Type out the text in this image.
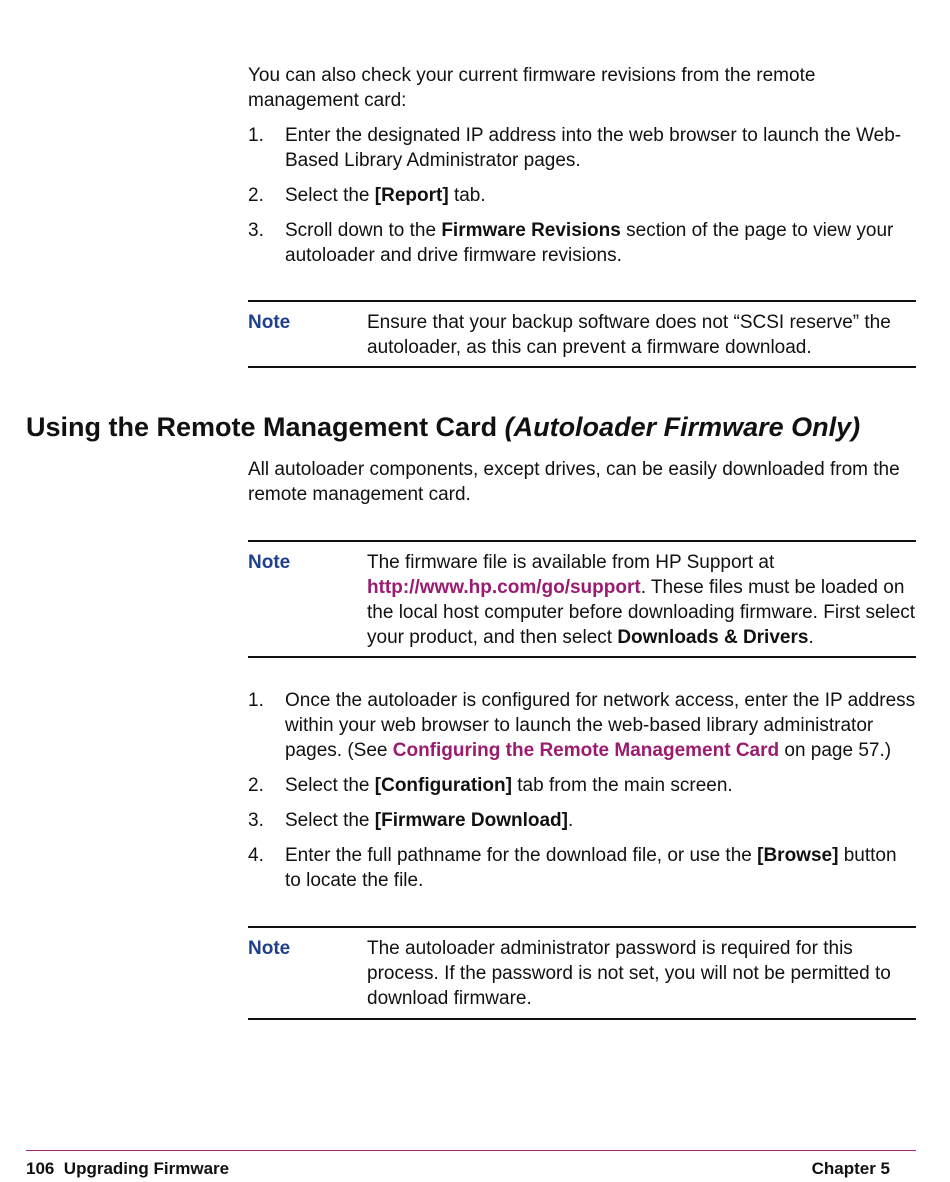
You can also check your current firmware revisions from the remote management card:

1. Enter the designated IP address into the web browser to launch the Web-Based Library Administrator pages.
2. Select the [Report] tab.
3. Scroll down to the Firmware Revisions section of the page to view your autoloader and drive firmware revisions.
Note	Ensure that your backup software does not “SCSI reserve” the autoloader, as this can prevent a firmware download.

Using the Remote Management Card (Autoloader Firmware Only)

All autoloader components, except drives, can be easily downloaded from the remote management card.

Note	The firmware file is available from HP Support at http://www.hp.com/go/support. These files must be loaded on the local host computer before downloading firmware. First select your product, and then select Downloads & Drivers.

1. Once the autoloader is configured for network access, enter the IP address within your web browser to launch the web-based library administrator pages. (See Configuring the Remote Management Card on page 57.)
2. Select the [Configuration] tab from the main screen.
3. Select the [Firmware Download].
4. Enter the full pathname for the download file, or use the [Browse] button to locate the file.
Note	The autoloader administrator password is required for this process. If the password is not set, you will not be permitted to download firmware.

106  Upgrading Firmware	Chapter 5
